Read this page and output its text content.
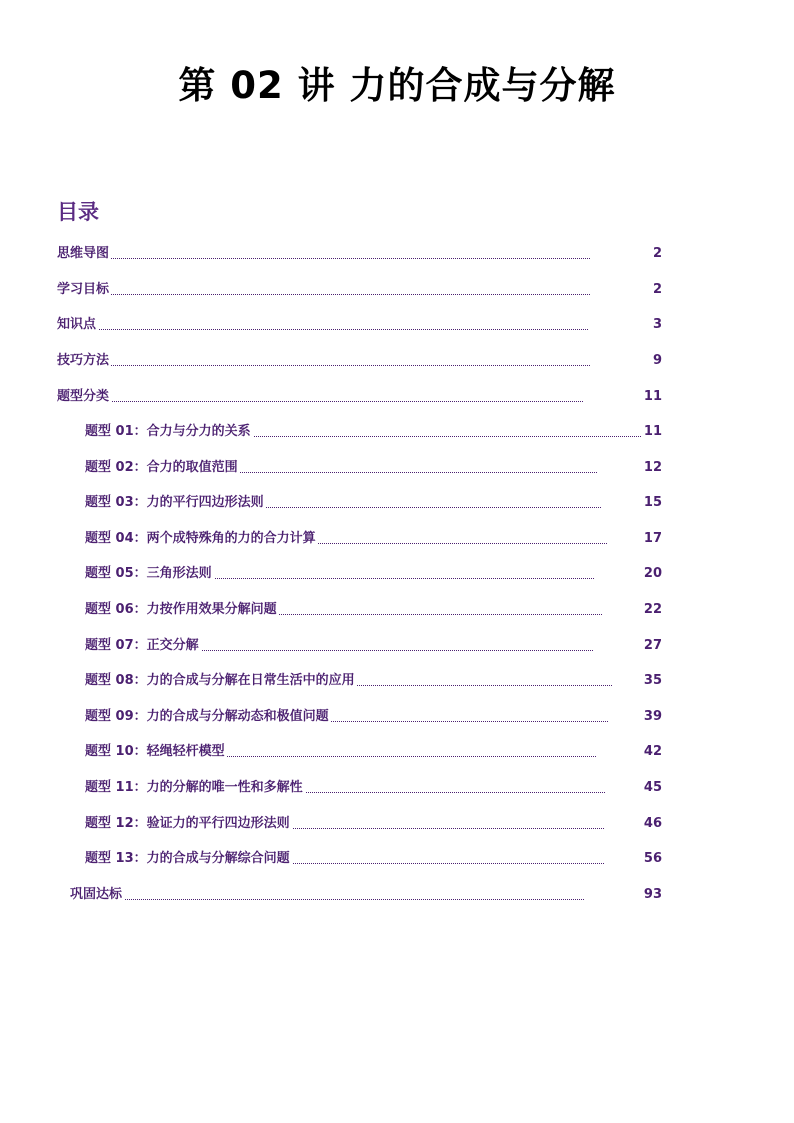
第 02 讲 力的合成与分解
目录
思维导图	2
学习目标	2
知识点	3
技巧方法	9
题型分类	11
题型 01：合力与分力的关系	11
题型 02：合力的取值范围	12
题型 03：力的平行四边形法则	15
题型 04：两个成特殊角的力的合力计算	17
题型 05：三角形法则	20
题型 06：力按作用效果分解问题	22
题型 07：正交分解	27
题型 08：力的合成与分解在日常生活中的应用	35
题型 09：力的合成与分解动态和极值问题	39
题型 10：轻绳轻杆模型	42
题型 11：力的分解的唯一性和多解性	45
题型 12：验证力的平行四边形法则	46
题型 13：力的合成与分解综合问题	56
巩固达标	93
